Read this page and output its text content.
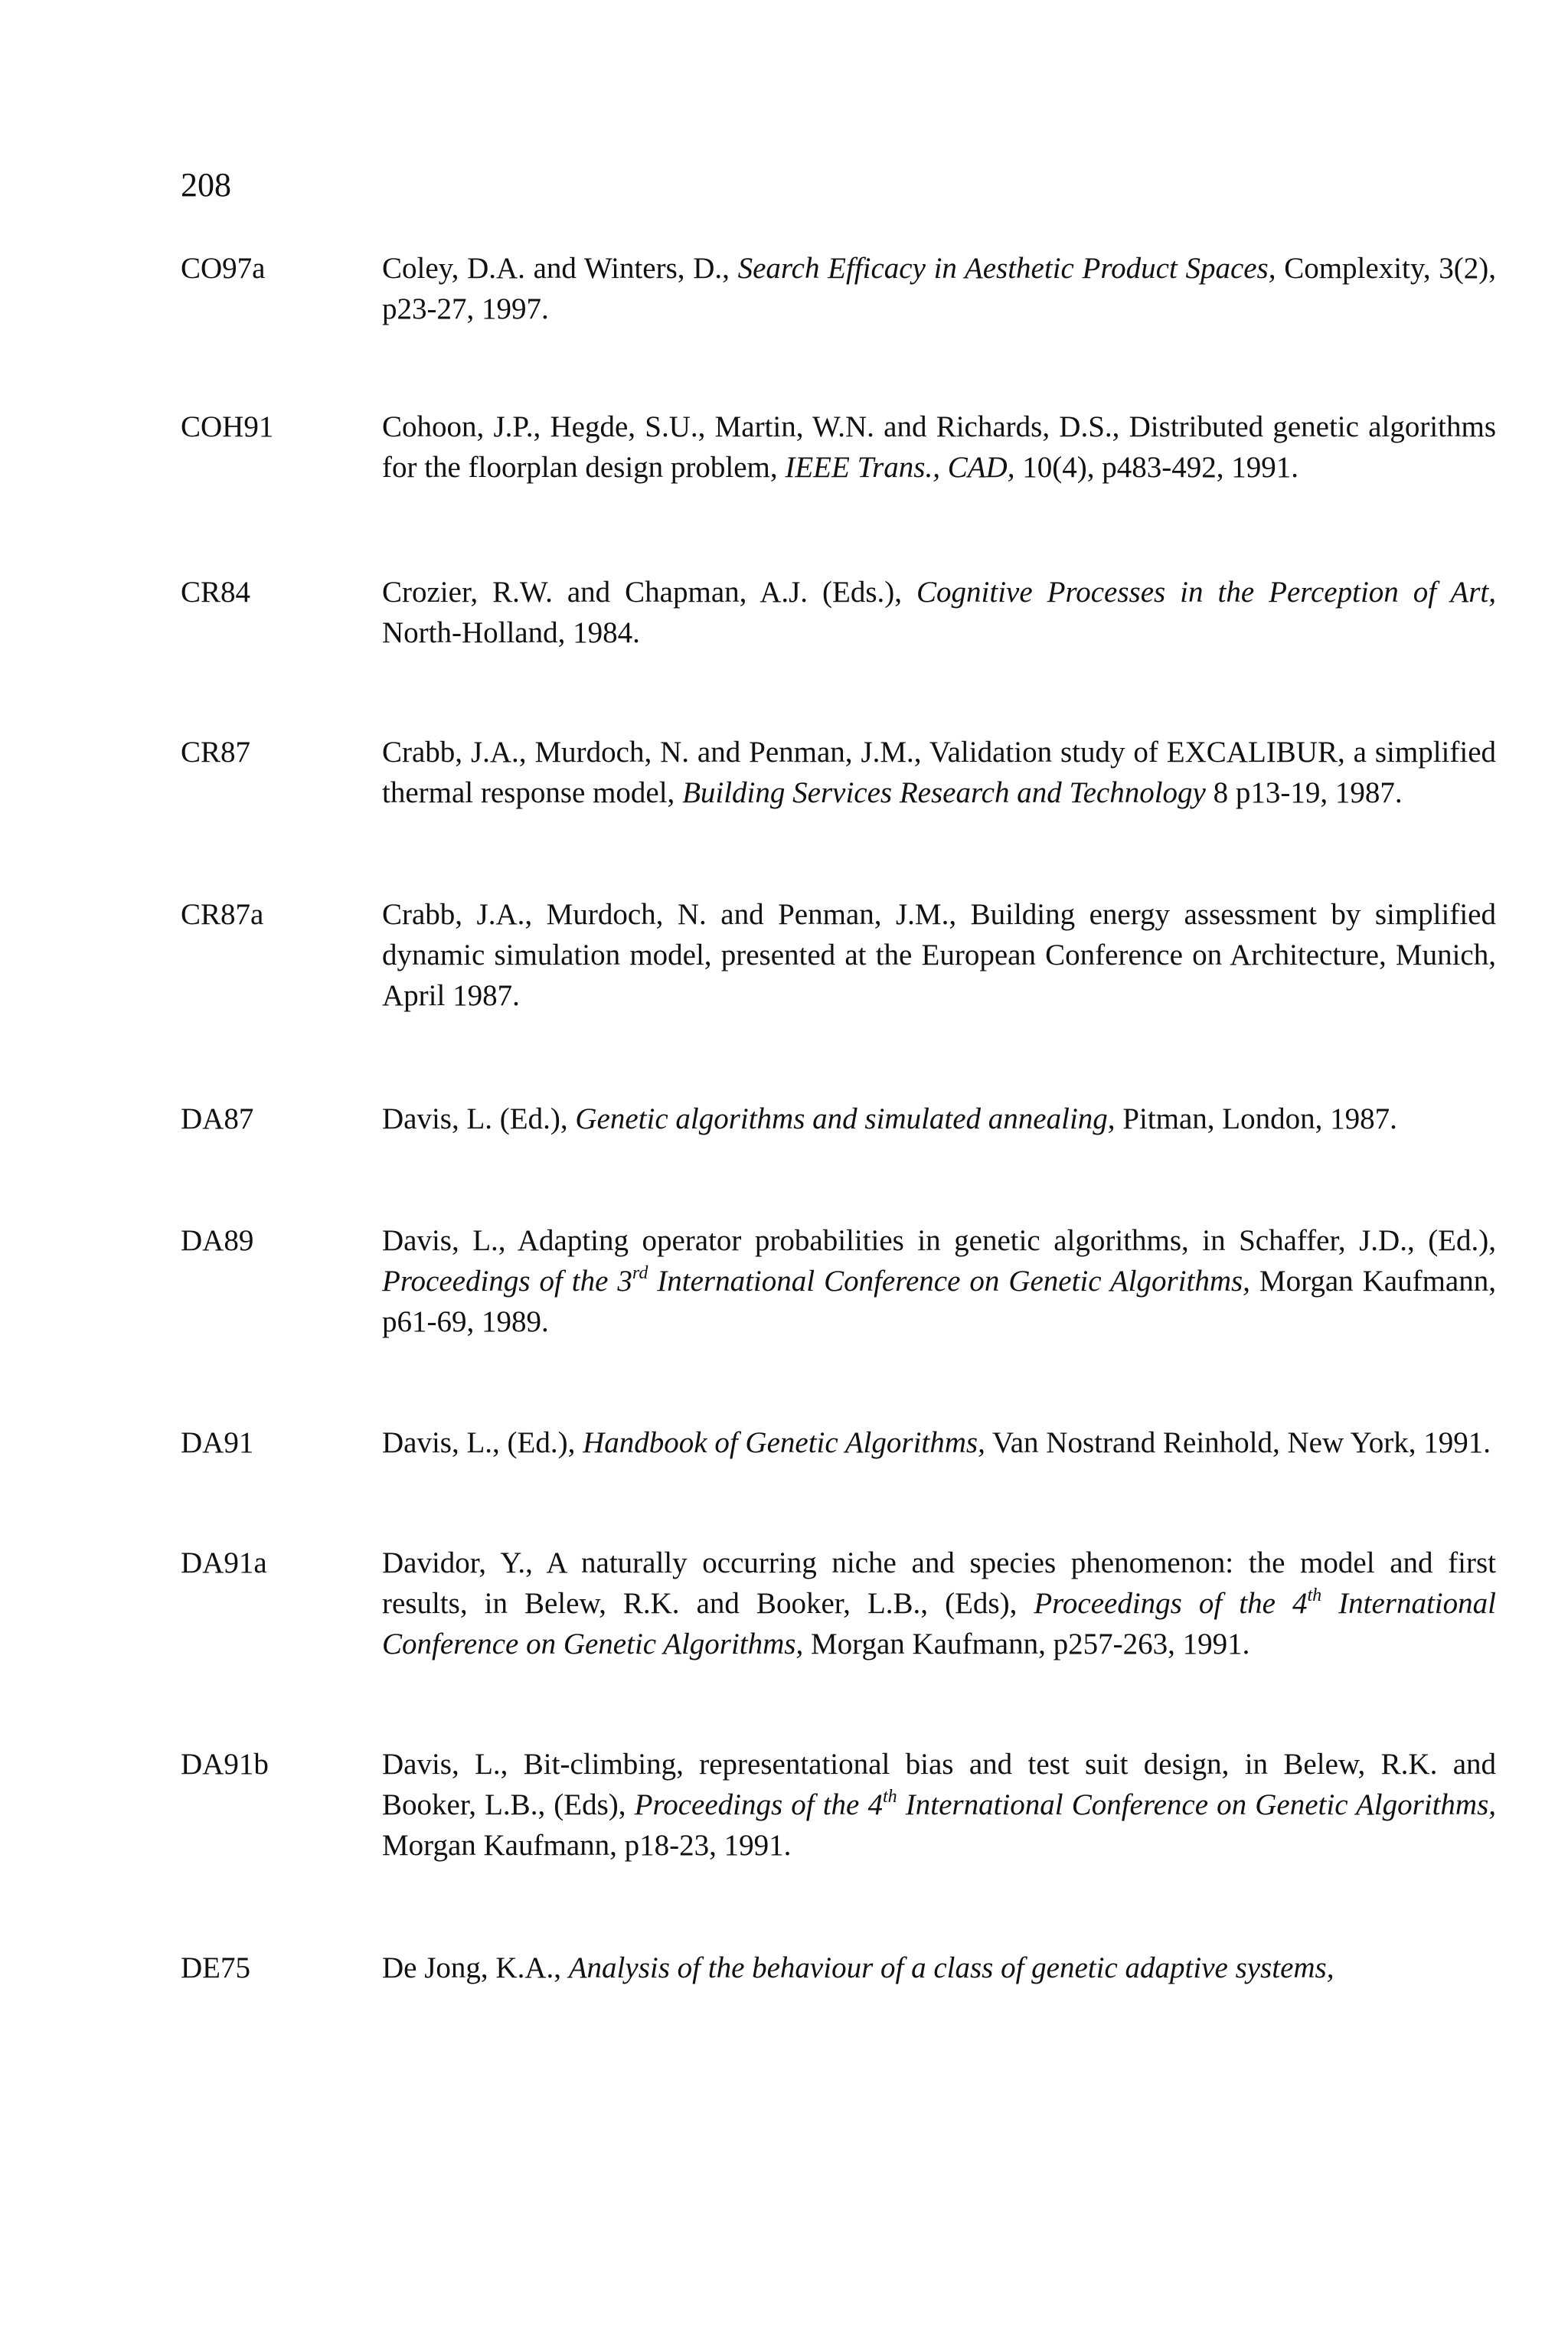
208
CO97a	Coley, D.A. and Winters, D., Search Efficacy in Aesthetic Product Spaces, Complexity, 3(2), p23-27, 1997.
COH91	Cohoon, J.P., Hegde, S.U., Martin, W.N. and Richards, D.S., Distributed genetic algorithms for the floorplan design problem, IEEE Trans., CAD, 10(4), p483-492, 1991.
CR84	Crozier, R.W. and Chapman, A.J. (Eds.), Cognitive Processes in the Perception of Art, North-Holland, 1984.
CR87	Crabb, J.A., Murdoch, N. and Penman, J.M., Validation study of EXCALIBUR, a simplified thermal response model, Building Services Research and Technology 8 p13-19, 1987.
CR87a	Crabb, J.A., Murdoch, N. and Penman, J.M., Building energy assessment by simplified dynamic simulation model, presented at the European Conference on Architecture, Munich, April 1987.
DA87	Davis, L. (Ed.), Genetic algorithms and simulated annealing, Pitman, London, 1987.
DA89	Davis, L., Adapting operator probabilities in genetic algorithms, in Schaffer, J.D., (Ed.), Proceedings of the 3rd International Conference on Genetic Algorithms, Morgan Kaufmann, p61-69, 1989.
DA91	Davis, L., (Ed.), Handbook of Genetic Algorithms, Van Nostrand Reinhold, New York, 1991.
DA91a	Davidor, Y., A naturally occurring niche and species phenomenon: the model and first results, in Belew, R.K. and Booker, L.B., (Eds), Proceedings of the 4th International Conference on Genetic Algorithms, Morgan Kaufmann, p257-263, 1991.
DA91b	Davis, L., Bit-climbing, representational bias and test suit design, in Belew, R.K. and Booker, L.B., (Eds), Proceedings of the 4th International Conference on Genetic Algorithms, Morgan Kaufmann, p18-23, 1991.
DE75	De Jong, K.A., Analysis of the behaviour of a class of genetic adaptive systems,
